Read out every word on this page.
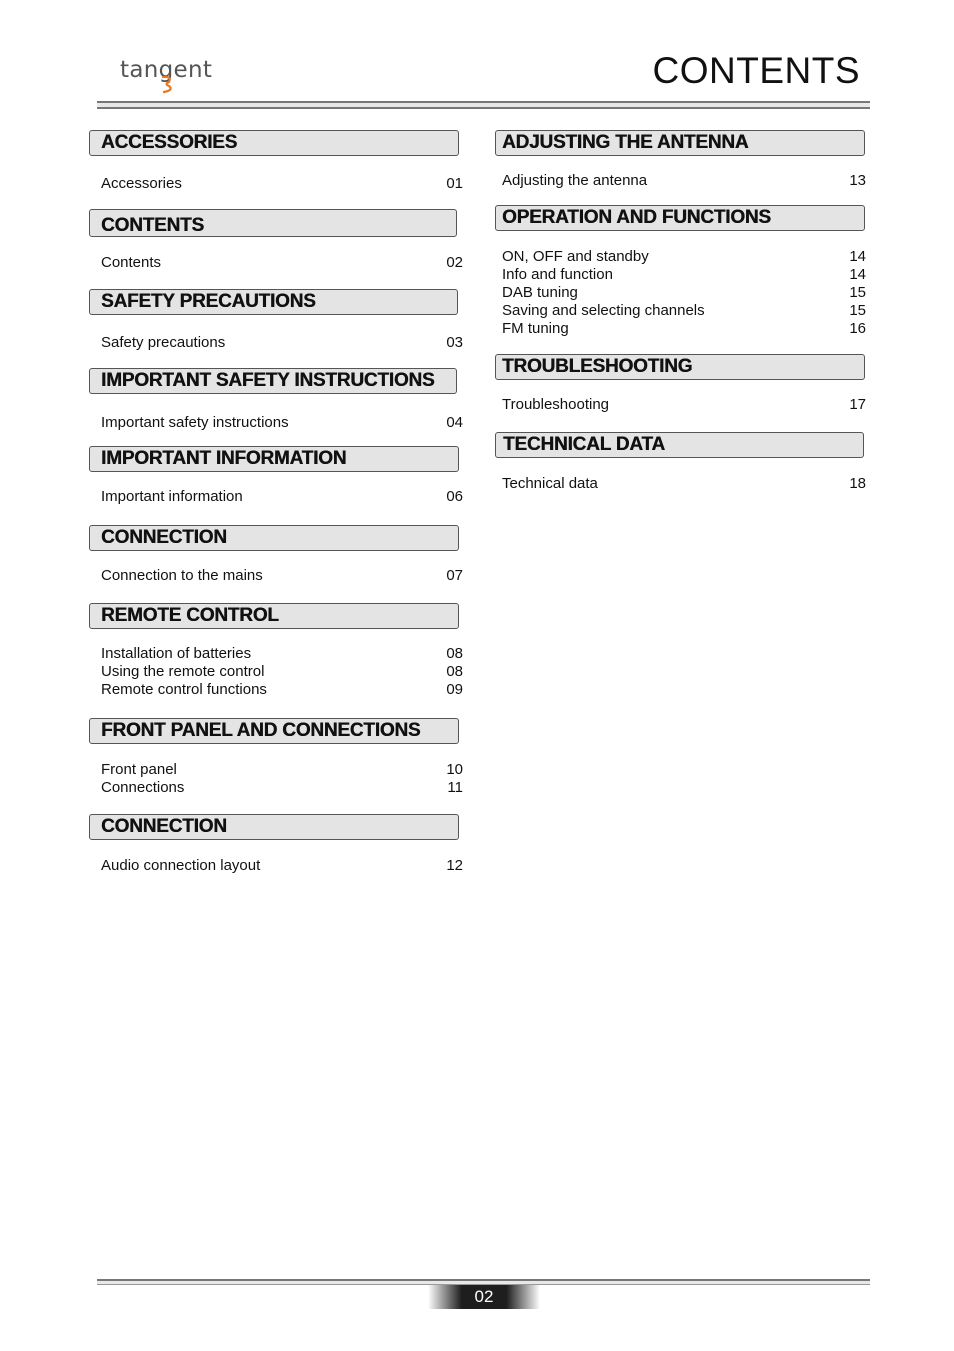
tangent	CONTENTS
ACCESSORIES
Accessories	01
CONTENTS
Contents	02
SAFETY PRECAUTIONS
Safety precautions	03
IMPORTANT SAFETY INSTRUCTIONS
Important safety instructions	04
IMPORTANT INFORMATION
Important information	06
CONNECTION
Connection to the mains	07
REMOTE CONTROL
Installation of batteries	08
Using the remote control	08
Remote control functions	09
FRONT PANEL AND CONNECTIONS
Front panel	10
Connections	11
CONNECTION
Audio connection layout	12
ADJUSTING THE ANTENNA
Adjusting the antenna	13
OPERATION AND FUNCTIONS
ON, OFF and standby	14
Info and function	14
DAB tuning	15
Saving and selecting channels	15
FM tuning	16
TROUBLESHOOTING
Troubleshooting	17
TECHNICAL DATA
Technical data	18
02
